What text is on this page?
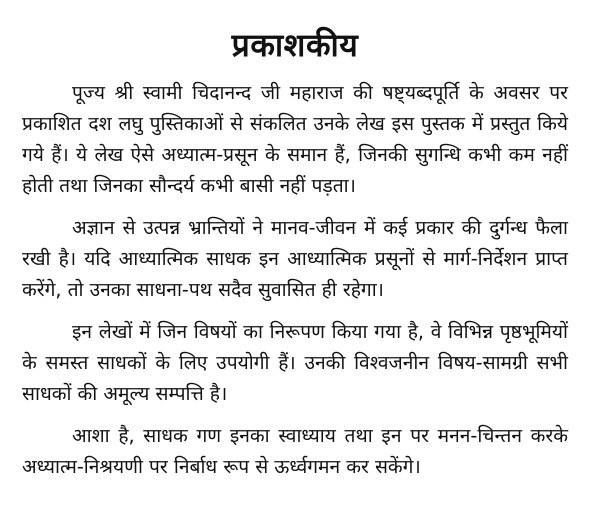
प्रकाशकीय

पूज्य श्री स्वामी चिदानन्द जी महाराज की षष्ट्यब्दपूर्ति के अवसर पर प्रकाशित दश लघु पुस्तिकाओं से संकलित उनके लेख इस पुस्तक में प्रस्तुत किये गये हैं। ये लेख ऐसे अध्यात्म-प्रसून के समान हैं, जिनकी सुगन्धि कभी कम नहीं होती तथा जिनका सौन्दर्य कभी बासी नहीं पड़ता।

अज्ञान से उत्पन्न भ्रान्तियों ने मानव-जीवन में कई प्रकार की दुर्गन्ध फैला रखी है। यदि आध्यात्मिक साधक इन आध्यात्मिक प्रसूनों से मार्ग-निर्देशन प्राप्त करेंगे, तो उनका साधना-पथ सदैव सुवासित ही रहेगा।

इन लेखों में जिन विषयों का निरूपण किया गया है, वे विभिन्न पृष्ठभूमियों के समस्त साधकों के लिए उपयोगी हैं। उनकी विश्वजनीन विषय-सामग्री सभी साधकों की अमूल्य सम्पत्ति है।

आशा है, साधक गण इनका स्वाध्याय तथा इन पर मनन-चिन्तन करके अध्यात्म-निश्रयणी पर निर्बाध रूप से ऊर्ध्वगमन कर सकेंगे।
